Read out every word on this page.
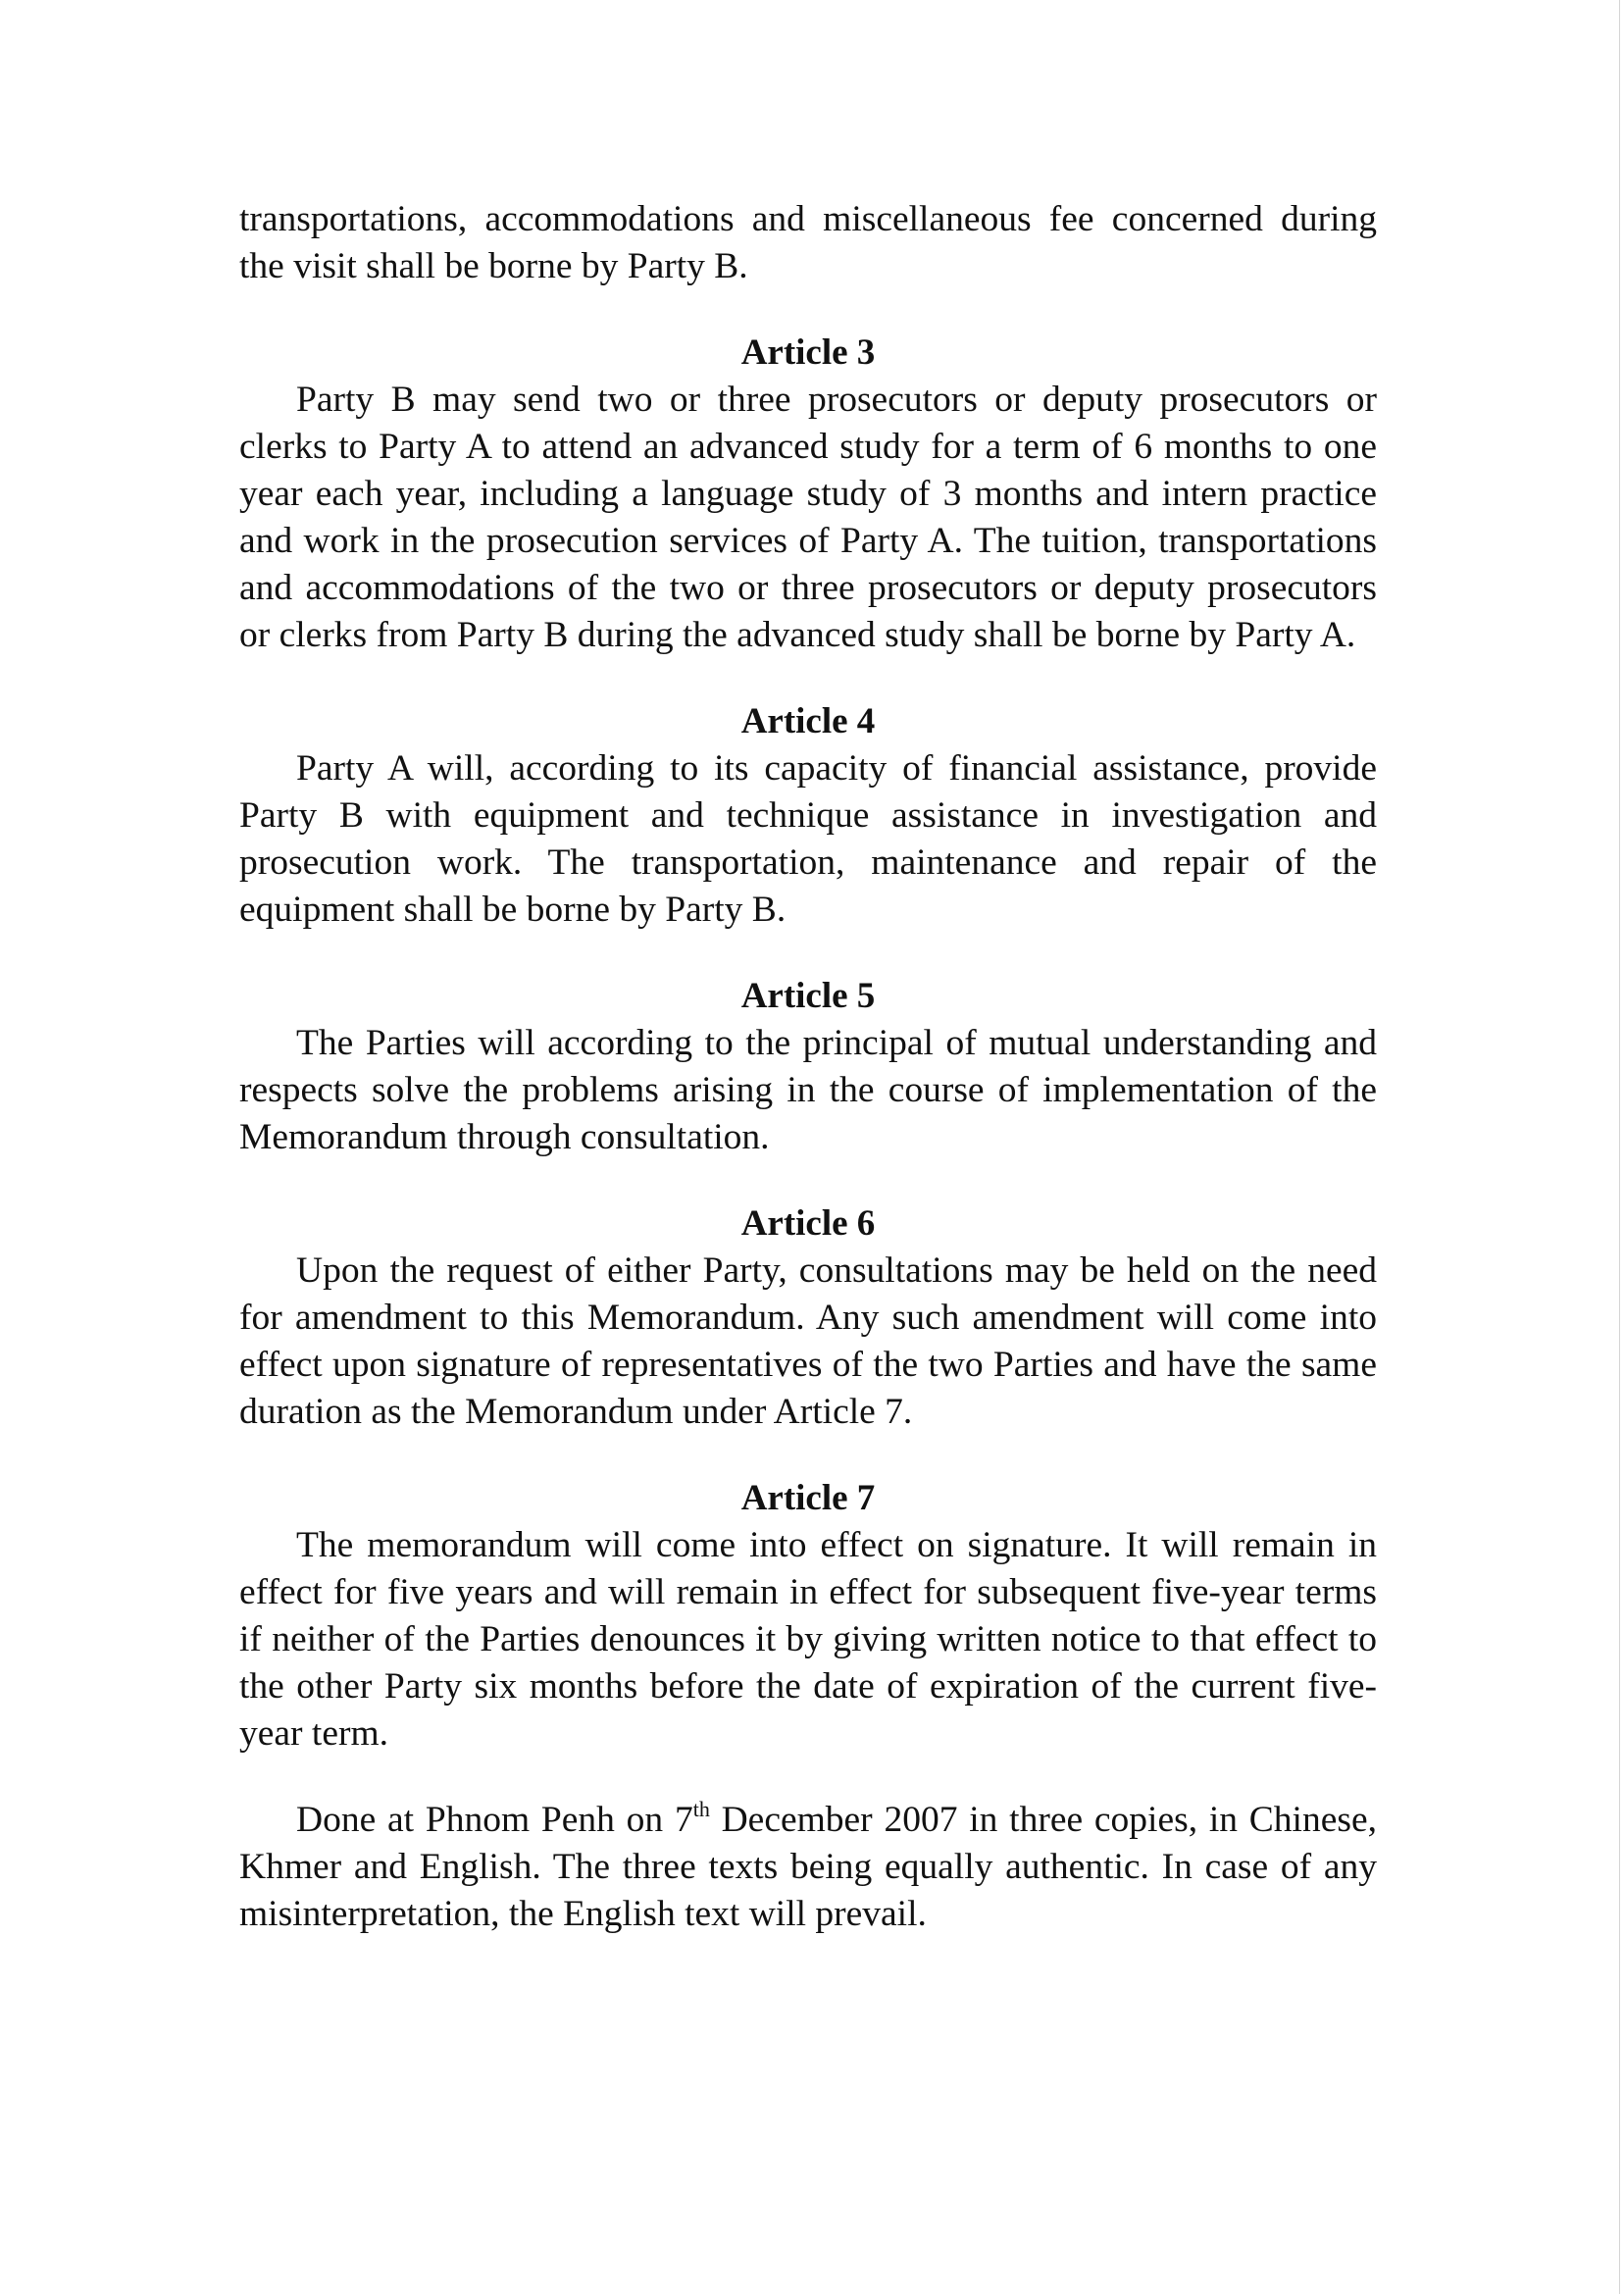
transportations, accommodations and miscellaneous fee concerned during the visit shall be borne by Party B.

Article 3

Party B may send two or three prosecutors or deputy prosecutors or clerks to Party A to attend an advanced study for a term of 6 months to one year each year, including a language study of 3 months and intern practice and work in the prosecution services of Party A. The tuition, transportations and accommodations of the two or three prosecutors or deputy prosecutors or clerks from Party B during the advanced study shall be borne by Party A.

Article 4

Party A will, according to its capacity of financial assistance, provide Party B with equipment and technique assistance in investigation and prosecution work. The transportation, maintenance and repair of the equipment shall be borne by Party B.

Article 5

The Parties will according to the principal of mutual understanding and respects solve the problems arising in the course of implementation of the Memorandum through consultation.

Article 6

Upon the request of either Party, consultations may be held on the need for amendment to this Memorandum. Any such amendment will come into effect upon signature of representatives of the two Parties and have the same duration as the Memorandum under Article 7.

Article 7

The memorandum will come into effect on signature. It will remain in effect for five years and will remain in effect for subsequent five-year terms if neither of the Parties denounces it by giving written notice to that effect to the other Party six months before the date of expiration of the current five-year term.

Done at Phnom Penh on 7th December 2007 in three copies, in Chinese, Khmer and English. The three texts being equally authentic. In case of any misinterpretation, the English text will prevail.
